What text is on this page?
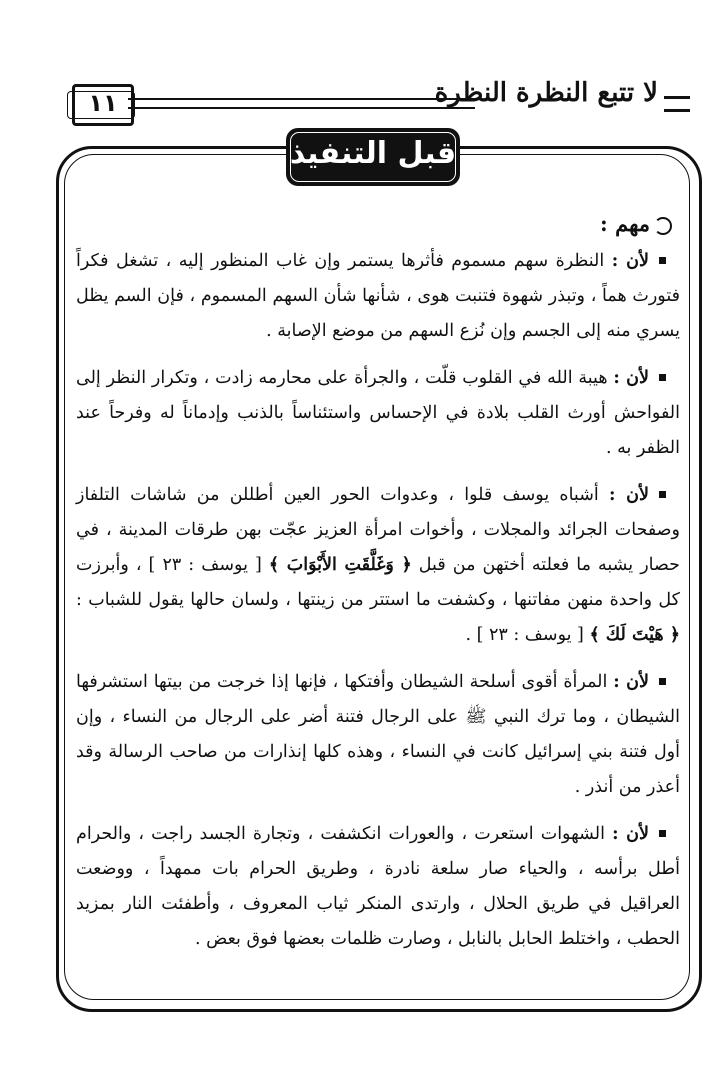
١١	لا تتبع النظرة النظرة
قبل التنفيذ
مهم :

لأن : النظرة سهم مسموم فأثرها يستمر وإن غاب المنظور إليه ، تشغل فكراً فتورث هماً ، وتبذر شهوة فتنبت هوى ، شأنها شأن السهم المسموم ، فإن السم يظل يسري منه إلى الجسم وإن نُزع السهم من موضع الإصابة .

لأن : هيبة الله في القلوب قلّت ، والجرأة على محارمه زادت ، وتكرار النظر إلى الفواحش أورث القلب بلادة في الإحساس واستئناساً بالذنب وإدماناً له وفرحاً عند الظفر به .

لأن : أشباه يوسف قلوا ، وعدوات الحور العين أطللن من شاشات التلفاز وصفحات الجرائد والمجلات ، وأخوات امرأة العزيز عجّت بهن طرقات المدينة ، في حصار يشبه ما فعلته أختهن من قبل ﴿ وَغَلَّقَتِ الأَبْوَابَ ﴾ [ يوسف : ٢٣ ] ، وأبرزت كل واحدة منهن مفاتنها ، وكشفت ما استتر من زينتها ، ولسان حالها يقول للشباب : ﴿ هَيْتَ لَكَ ﴾ [ يوسف : ٢٣ ] .

لأن : المرأة أقوى أسلحة الشيطان وأفتكها ، فإنها إذا خرجت من بيتها استشرفها الشيطان ، وما ترك النبي ﷺ على الرجال فتنة أضر على الرجال من النساء ، وإن أول فتنة بني إسرائيل كانت في النساء ، وهذه كلها إنذارات من صاحب الرسالة وقد أعذر من أنذر .

لأن : الشهوات استعرت ، والعورات انكشفت ، وتجارة الجسد راجت ، والحرام أطل برأسه ، والحياء صار سلعة نادرة ، وطريق الحرام بات ممهداً ، ووضعت العراقيل في طريق الحلال ، وارتدى المنكر ثياب المعروف ، وأطفئت النار بمزيد الحطب ، واختلط الحابل بالنابل ، وصارت ظلمات بعضها فوق بعض .
